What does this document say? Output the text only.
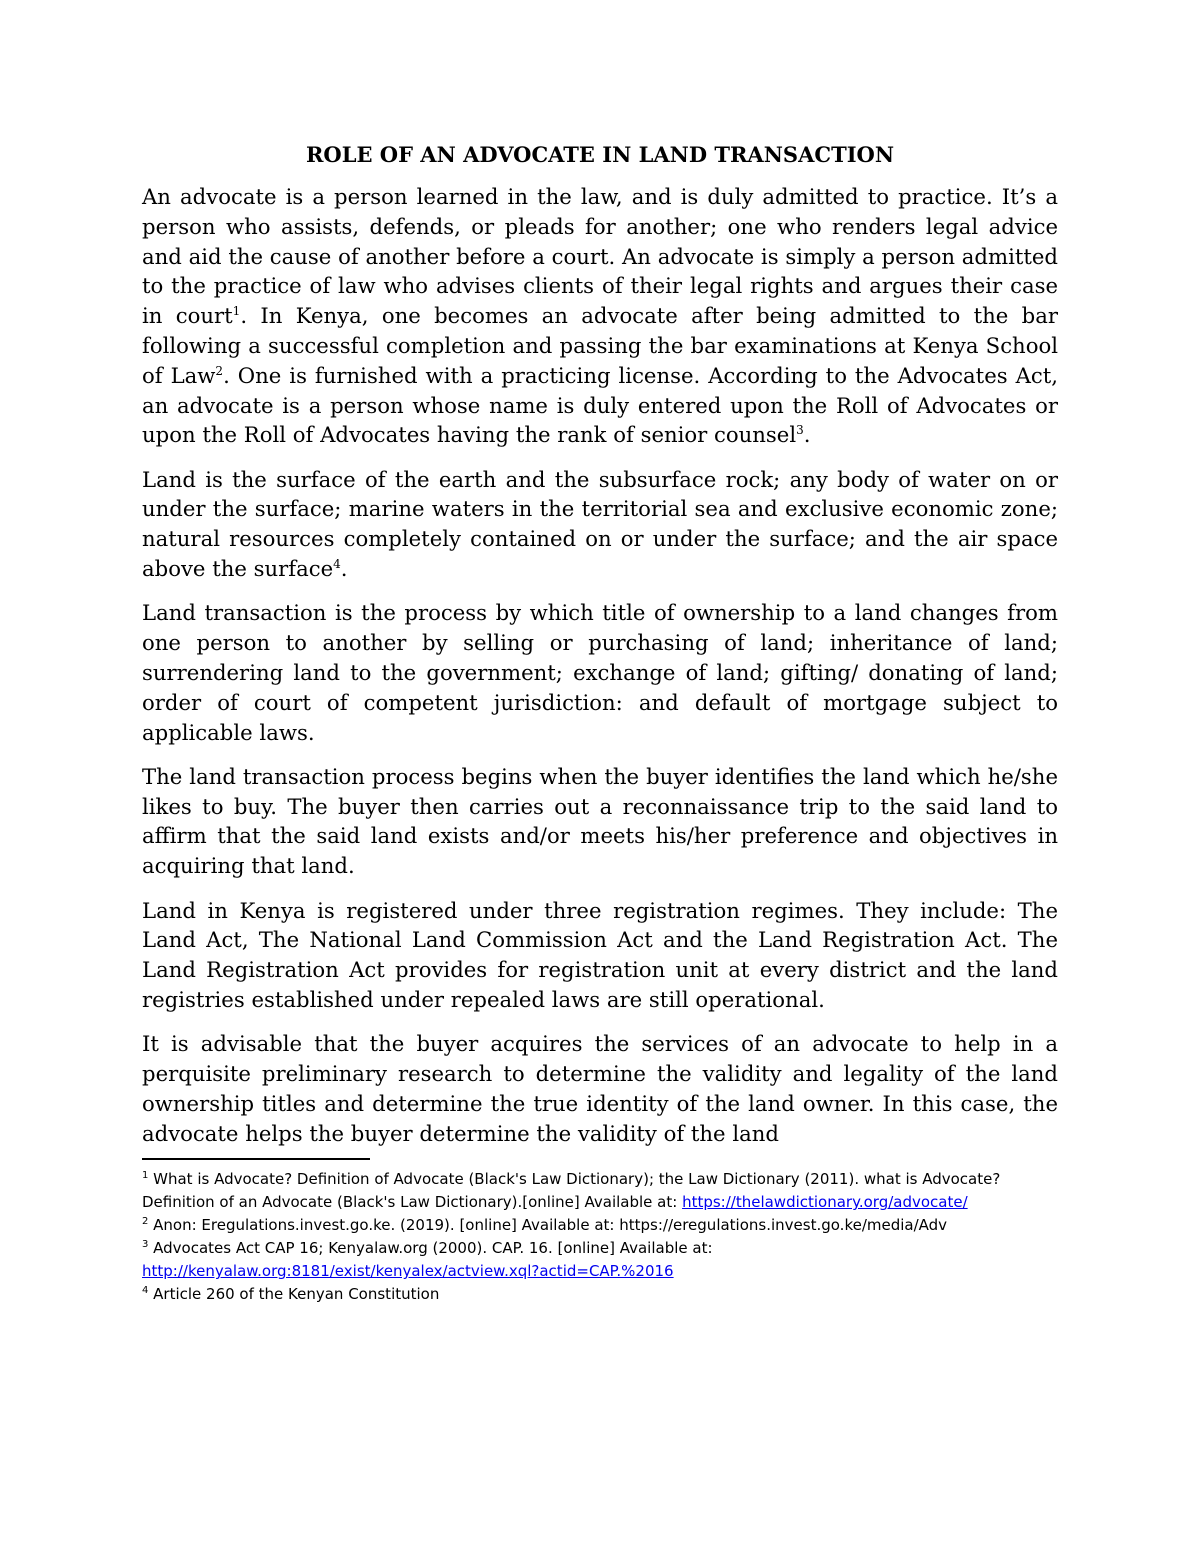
ROLE OF AN ADVOCATE IN LAND TRANSACTION

An advocate is a person learned in the law, and is duly admitted to practice. It’s a person who assists, defends, or pleads for another; one who renders legal advice and aid the cause of another before a court. An advocate is simply a person admitted to the practice of law who advises clients of their legal rights and argues their case in court$^1$. In Kenya, one becomes an advocate after being admitted to the bar following a successful completion and passing the bar examinations at Kenya School of Law$^2$. One is furnished with a practicing license. According to the Advocates Act, an advocate is a person whose name is duly entered upon the Roll of Advocates or upon the Roll of Advocates having the rank of senior counsel$^3$.

Land is the surface of the earth and the subsurface rock; any body of water on or under the surface; marine waters in the territorial sea and exclusive economic zone; natural resources completely contained on or under the surface; and the air space above the surface$^4$.

Land transaction is the process by which title of ownership to a land changes from one person to another by selling or purchasing of land; inheritance of land; surrendering land to the government; exchange of land; gifting/ donating of land; order of court of competent jurisdiction: and default of mortgage subject to applicable laws.

The land transaction process begins when the buyer identifies the land which he/she likes to buy. The buyer then carries out a reconnaissance trip to the said land to affirm that the said land exists and/or meets his/her preference and objectives in acquiring that land.

Land in Kenya is registered under three registration regimes. They include: The Land Act, The National Land Commission Act and the Land Registration Act. The Land Registration Act provides for registration unit at every district and the land registries established under repealed laws are still operational.

It is advisable that the buyer acquires the services of an advocate to help in a perquisite preliminary research to determine the validity and legality of the land ownership titles and determine the true identity of the land owner. In this case, the advocate helps the buyer determine the validity of the land

$^1$ What is Advocate? Definition of Advocate (Black's Law Dictionary); the Law Dictionary (2011). what is Advocate? Definition of an Advocate (Black's Law Dictionary).[online] Available at: https://thelawdictionary.org/advocate/

$^2$ Anon: Eregulations.invest.go.ke. (2019). [online] Available at: https://eregulations.invest.go.ke/media/Adv

$^3$ Advocates Act CAP 16; Kenyalaw.org (2000). CAP. 16. [online] Available at: http://kenyalaw.org:8181/exist/kenyalex/actview.xql?actid=CAP.%2016

$^4$ Article 260 of the Kenyan Constitution
